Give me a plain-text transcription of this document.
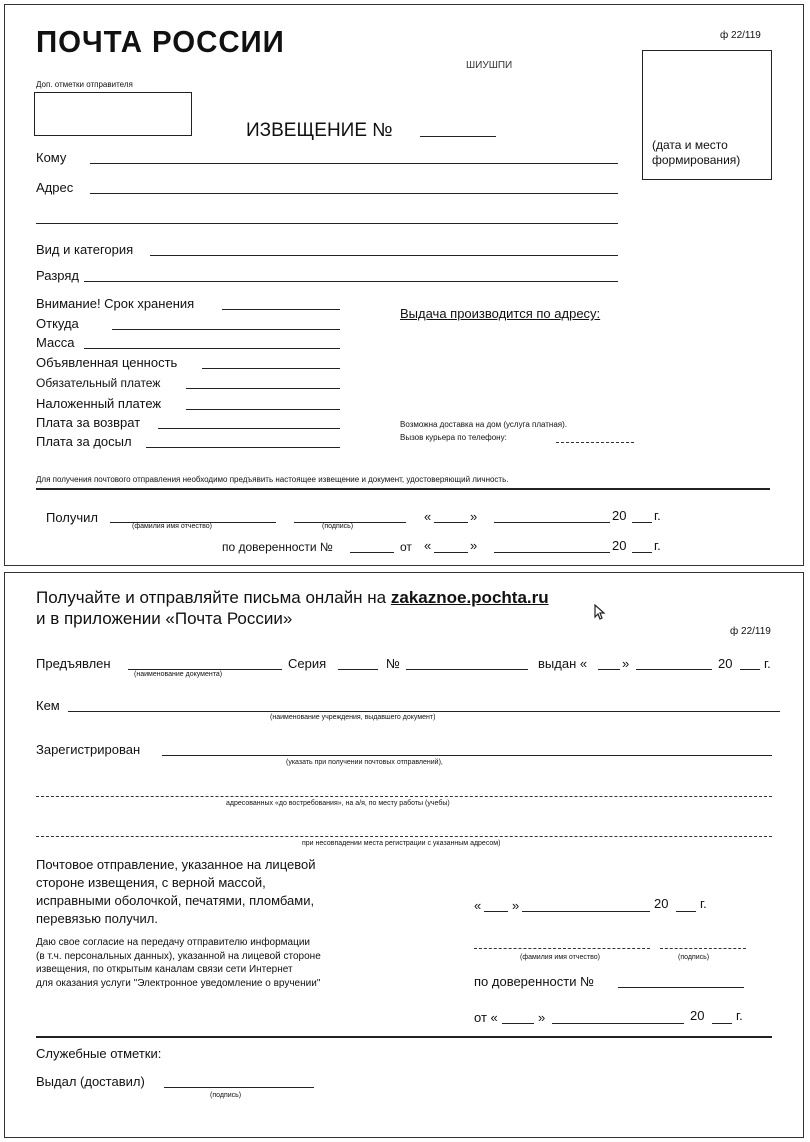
ПОЧТА РОССИИ	ф 22/119
ШИУШПИ
Доп. отметки отправителя
ИЗВЕЩЕНИЕ №
(дата и место
формирования)
Кому
Адрес
Вид и категория
Разряд
Внимание! Срок хранения
Откуда
Масса
Объявленная ценность
Обязательный платеж
Наложенный платеж
Плата за возврат
Плата за досыл
Выдача производится по адресу:
Возможна доставка на дом (услуга платная).
Вызов курьера по телефону:
Для получения почтового отправления необходимо предъявить настоящее извещение и документ, удостоверяющий личность.
Получил	«	»	20 г.
(фамилия имя отчество)	(подпись)
по доверенности №	от «	»	20 г.
Получайте и отправляйте письма онлайн на zakaznoe.pochta.ru
и в приложении «Почта России»
ф 22/119
Предъявлен
(наименование документа)
Серия	№	выдан «	»	20 г.
Кем
(наименование учреждения, выдавшего документ)
Зарегистрирован
(указать при получении почтовых отправлений),
адресованных «до востребования», на а/я, по месту работы (учебы)
при несовпадении места регистрации с указанным адресом)
Почтовое отправление, указанное на лицевой
стороне извещения, с верной массой,
исправными оболочкой, печатями, пломбами,
перевязью получил.
« »	20 г.
Даю свое согласие на передачу отправителю информации
(в т.ч. персональных данных), указанной на лицевой стороне
извещения, по открытым каналам связи сети Интернет
для оказания услуги "Электронное уведомление о вручении"
(фамилия имя отчество)	(подпись)
по доверенности №
от «	»	20 г.
Служебные отметки:
Выдал (доставил)
(подпись)
